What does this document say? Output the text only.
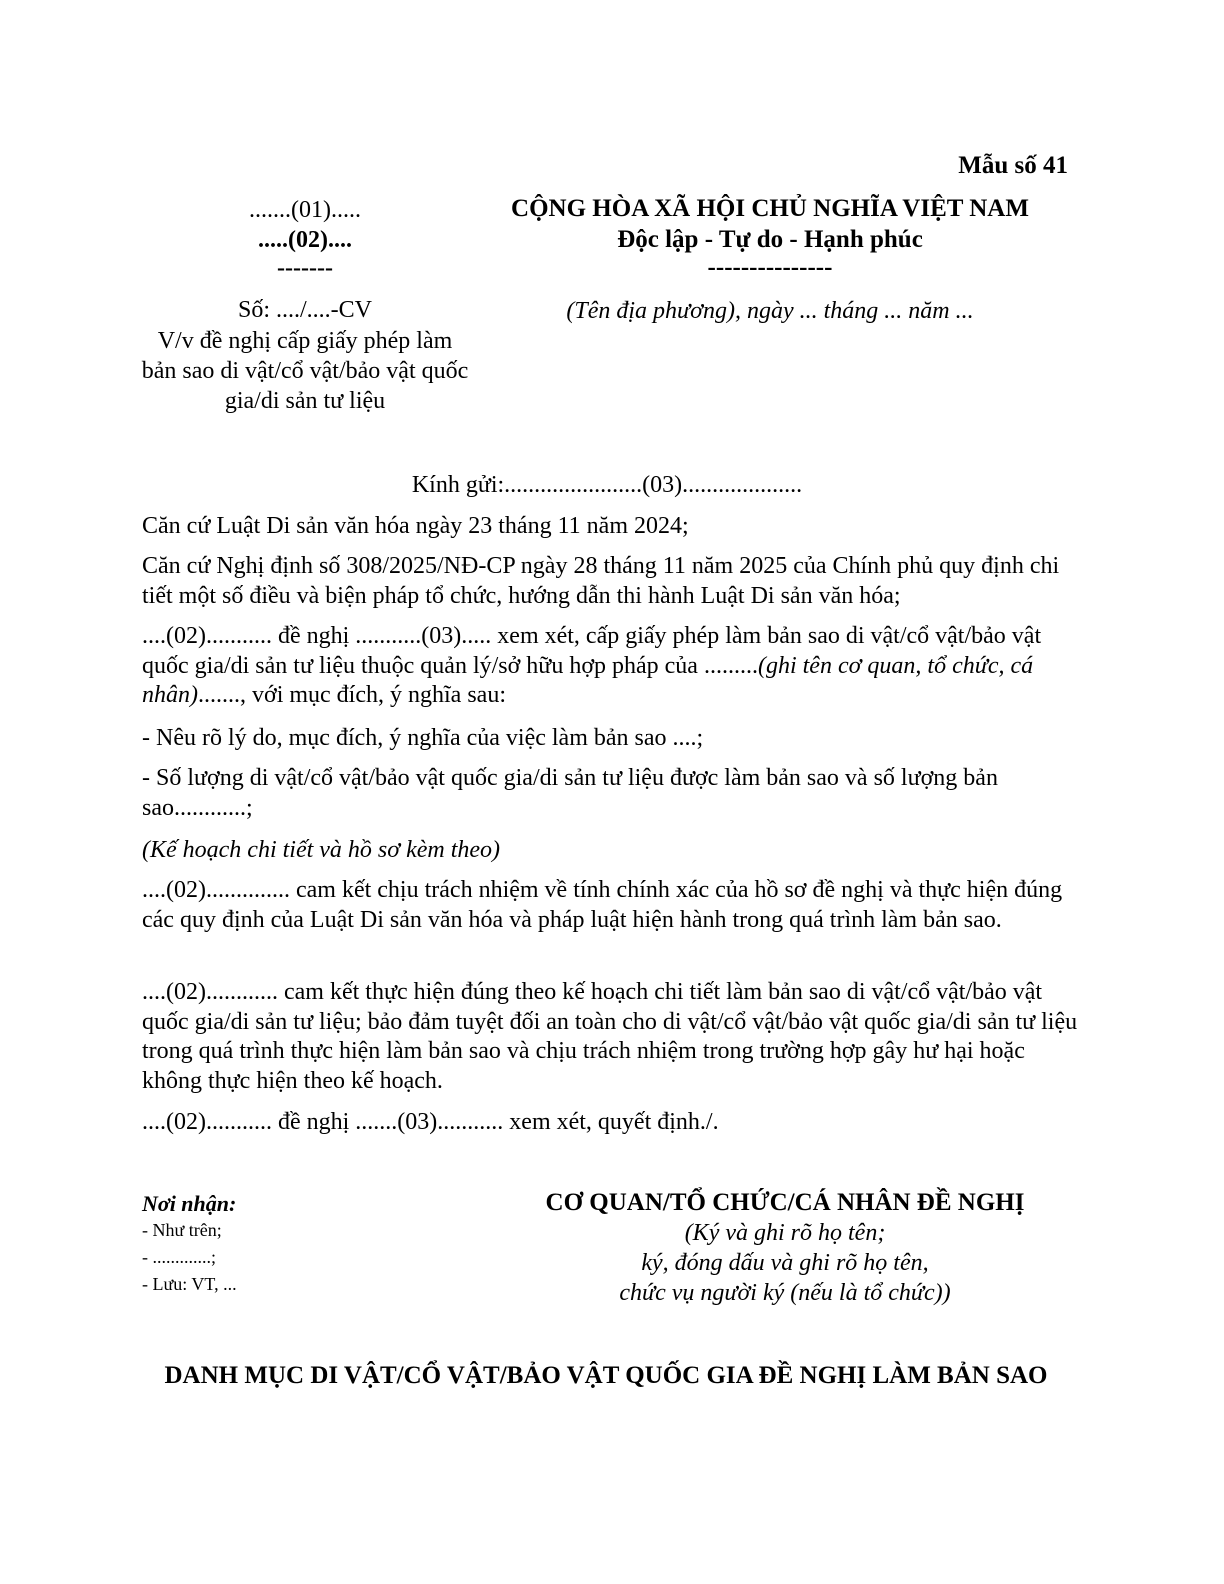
Mẫu số 41
.......(01).....
.....(02)....
-------
Số: ..../....-CV
V/v đề nghị cấp giấy phép làm bản sao di vật/cổ vật/bảo vật quốc gia/di sản tư liệu
CỘNG HÒA XÃ HỘI CHỦ NGHĨA VIỆT NAM
Độc lập - Tự do - Hạnh phúc
---------------
(Tên địa phương), ngày ... tháng ... năm ...
Kính gửi:.......................(03)....................
Căn cứ Luật Di sản văn hóa ngày 23 tháng 11 năm 2024;
Căn cứ Nghị định số 308/2025/NĐ-CP ngày 28 tháng 11 năm 2025 của Chính phủ quy định chi tiết một số điều và biện pháp tổ chức, hướng dẫn thi hành Luật Di sản văn hóa;
....(02)........... đề nghị ...........(03)..... xem xét, cấp giấy phép làm bản sao di vật/cổ vật/bảo vật quốc gia/di sản tư liệu thuộc quản lý/sở hữu hợp pháp của .........(ghi tên cơ quan, tổ chức, cá nhân)......., với mục đích, ý nghĩa sau:
- Nêu rõ lý do, mục đích, ý nghĩa của việc làm bản sao ....;
- Số lượng di vật/cổ vật/bảo vật quốc gia/di sản tư liệu được làm bản sao và số lượng bản sao............;
(Kế hoạch chi tiết và hồ sơ kèm theo)
....(02).............. cam kết chịu trách nhiệm về tính chính xác của hồ sơ đề nghị và thực hiện đúng các quy định của Luật Di sản văn hóa và pháp luật hiện hành trong quá trình làm bản sao.
....(02)............ cam kết thực hiện đúng theo kế hoạch chi tiết làm bản sao di vật/cổ vật/bảo vật quốc gia/di sản tư liệu; bảo đảm tuyệt đối an toàn cho di vật/cổ vật/bảo vật quốc gia/di sản tư liệu trong quá trình thực hiện làm bản sao và chịu trách nhiệm trong trường hợp gây hư hại hoặc không thực hiện theo kế hoạch.
....(02)........... đề nghị .......(03)........... xem xét, quyết định./.
Nơi nhận:
- Như trên;
- .............;
- Lưu: VT, ...
CƠ QUAN/TỔ CHỨC/CÁ NHÂN ĐỀ NGHỊ
(Ký và ghi rõ họ tên;
ký, đóng dấu và ghi rõ họ tên,
chức vụ người ký (nếu là tổ chức))
DANH MỤC DI VẬT/CỔ VẬT/BẢO VẬT QUỐC GIA ĐỀ NGHỊ LÀM BẢN SAO
